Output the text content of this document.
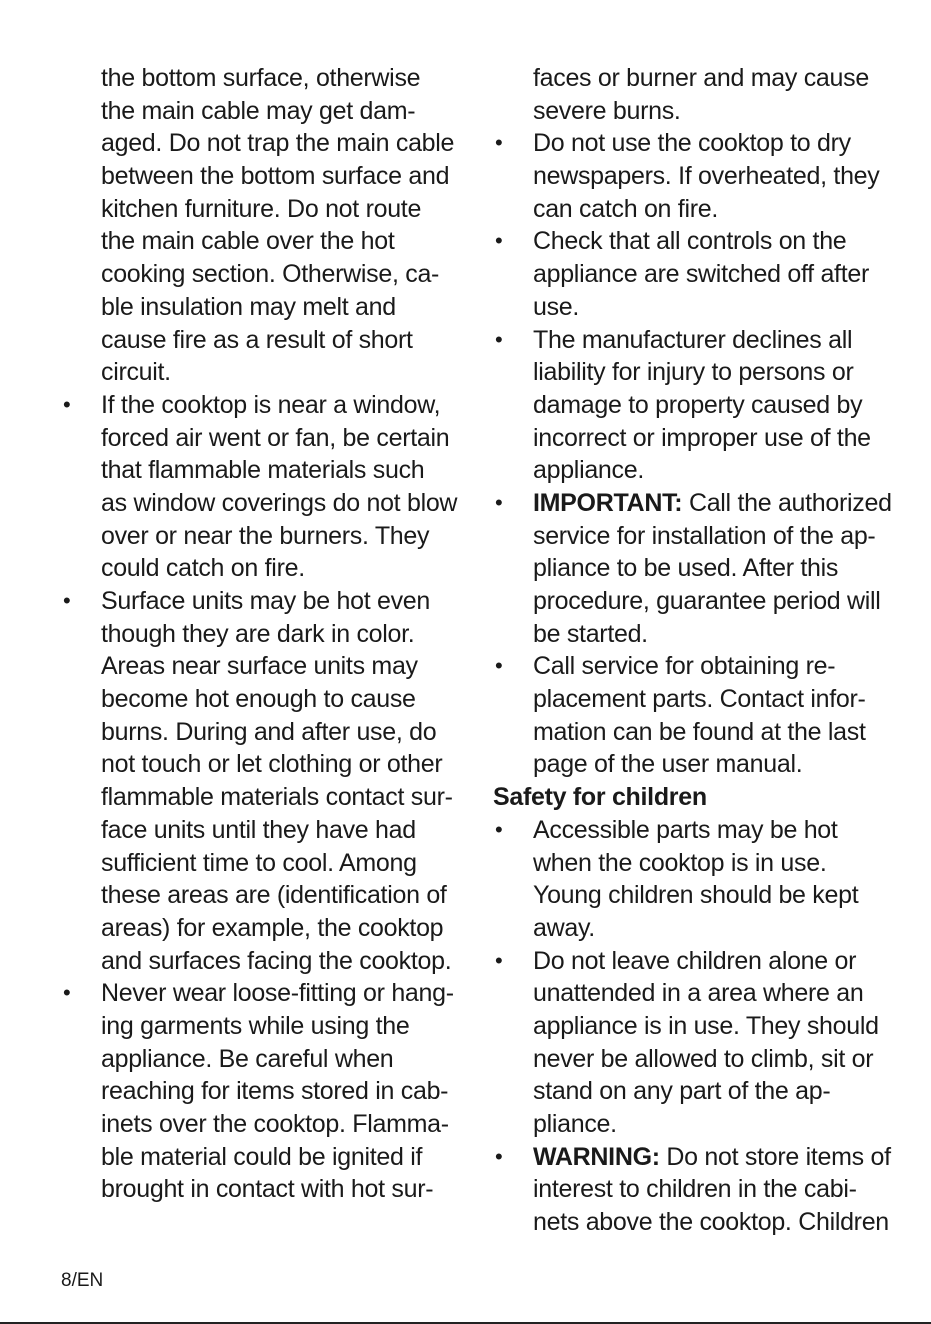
the bottom surface, otherwise
the main cable may get dam-
aged. Do not trap the main cable
between the bottom surface and
kitchen furniture. Do not route
the main cable over the hot
cooking section. Otherwise, ca-
ble insulation may melt and
cause fire as a result of short
circuit.
• If the cooktop is near a window,
forced air went or fan, be certain
that flammable materials such
as window coverings do not blow
over or near the burners. They
could catch on fire.
• Surface units may be hot even
though they are dark in color.
Areas near surface units may
become hot enough to cause
burns. During and after use, do
not touch or let clothing or other
flammable materials contact sur-
face units until they have had
sufficient time to cool. Among
these areas are (identification of
areas) for example, the cooktop
and surfaces facing the cooktop.
• Never wear loose-fitting or hang-
ing garments while using the
appliance. Be careful when
reaching for items stored in cab-
inets over the cooktop. Flamma-
ble material could be ignited if
brought in contact with hot sur-
faces or burner and may cause
severe burns.
• Do not use the cooktop to dry
newspapers. If overheated, they
can catch on fire.
• Check that all controls on the
appliance are switched off after
use.
• The manufacturer declines all
liability for injury to persons or
damage to property caused by
incorrect or improper use of the
appliance.
• IMPORTANT: Call the authorized
service for installation of the ap-
pliance to be used. After this
procedure, guarantee period will
be started.
• Call service for obtaining re-
placement parts. Contact infor-
mation can be found at the last
page of the user manual.
Safety for children
• Accessible parts may be hot
when the cooktop is in use.
Young children should be kept
away.
• Do not leave children alone or
unattended in a area where an
appliance is in use. They should
never be allowed to climb, sit or
stand on any part of the ap-
pliance.
• WARNING: Do not store items of
interest to children in the cabi-
nets above the cooktop. Children
8/EN
